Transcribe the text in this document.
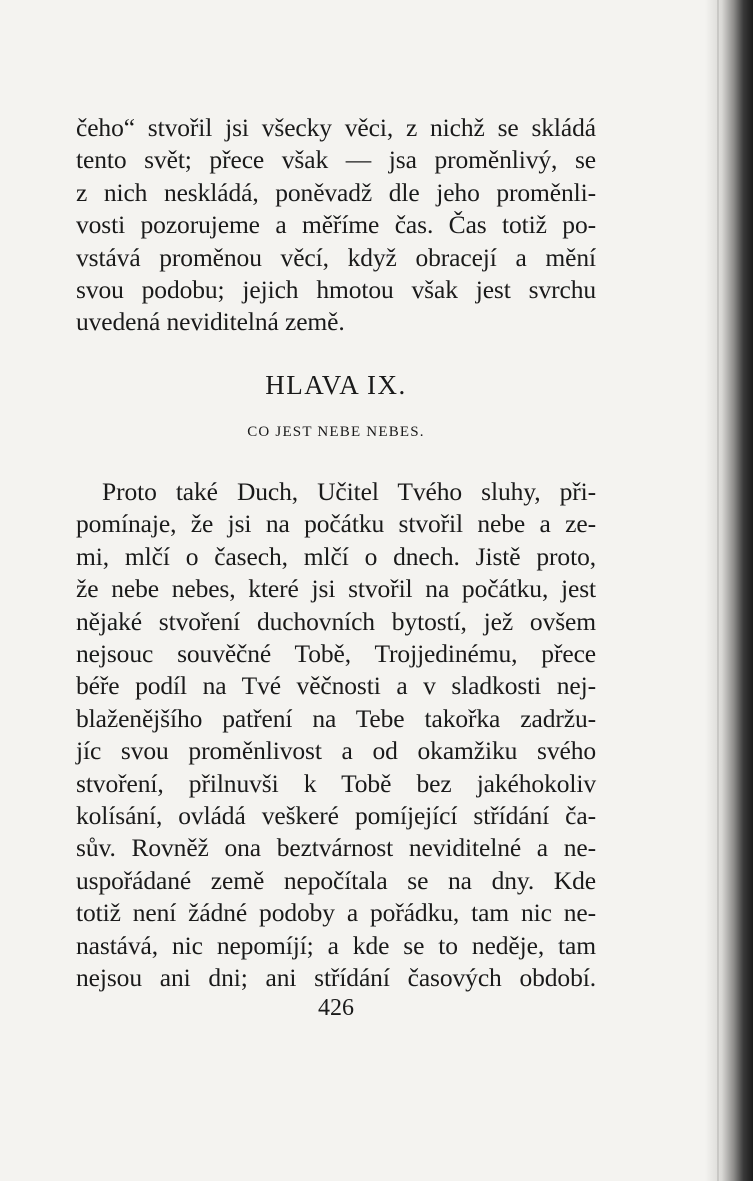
čeho“ stvořil jsi všecky věci, z nichž se skládá
tento svět; přece však — jsa proměnlivý, se
z nich neskládá, poněvadž dle jeho proměnli-
vosti pozorujeme a měříme čas. Čas totiž po-
vstává proměnou věcí, když obracejí a mění
svou podobu; jejich hmotou však jest svrchu
uvedená neviditelná země.
HLAVA IX.
CO JEST NEBE NEBES.
Proto také Duch, Učitel Tvého sluhy, při-
pomínaje, že jsi na počátku stvořil nebe a ze-
mi, mlčí o časech, mlčí o dnech. Jistě proto,
že nebe nebes, které jsi stvořil na počátku, jest
nějaké stvoření duchovních bytostí, jež ovšem
nejsouc souvěčné Tobě, Trojjedinému, přece
béře podíl na Tvé věčnosti a v sladkosti nej-
blaženějšího patření na Tebe takořka zadržu-
jíc svou proměnlivost a od okamžiku svého
stvoření, přilnuvši k Tobě bez jakéhokoliv
kolísání, ovládá veškeré pomíjející střídání ča-
sův. Rovněž ona beztvárnost neviditelné a ne-
uspořádané země nepočítala se na dny. Kde
totiž není žádné podoby a pořádku, tam nic ne-
nastává, nic nepomíjí; a kde se to neděje, tam
nejsou ani dni; ani střídání časových období.
426
